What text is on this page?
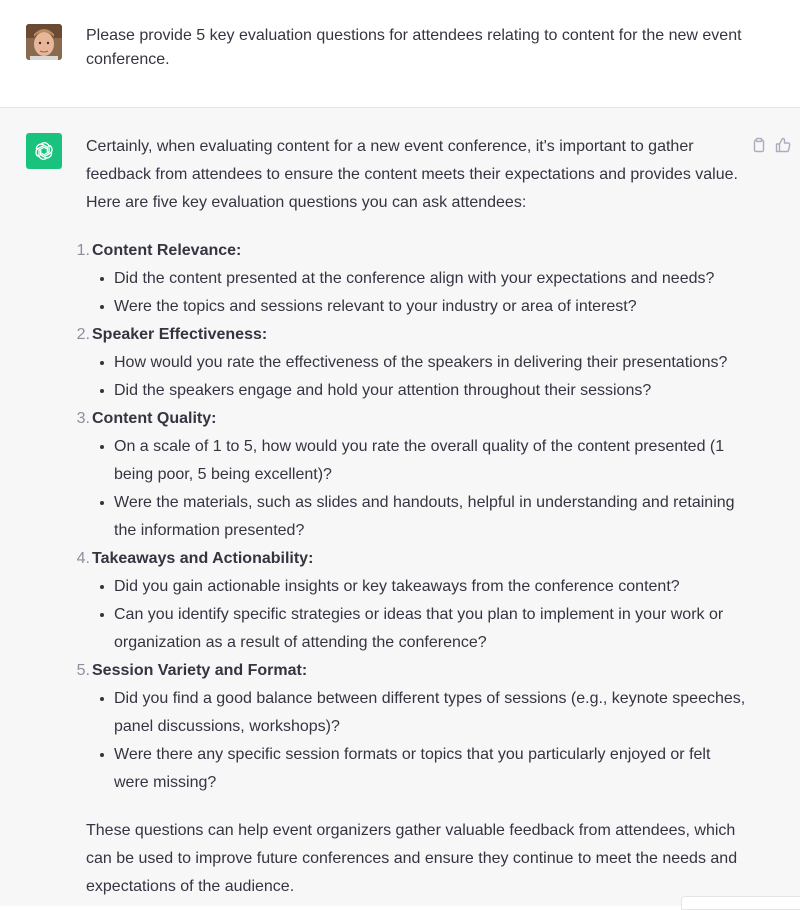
Please provide 5 key evaluation questions for attendees relating to content for the new event conference.

Certainly, when evaluating content for a new event conference, it's important to gather feedback from attendees to ensure the content meets their expectations and provides value. Here are five key evaluation questions you can ask attendees:

1. Content Relevance:
Did the content presented at the conference align with your expectations and needs?
Were the topics and sessions relevant to your industry or area of interest?
2. Speaker Effectiveness:
How would you rate the effectiveness of the speakers in delivering their presentations?
Did the speakers engage and hold your attention throughout their sessions?
3. Content Quality:
On a scale of 1 to 5, how would you rate the overall quality of the content presented (1 being poor, 5 being excellent)?
Were the materials, such as slides and handouts, helpful in understanding and retaining the information presented?
4. Takeaways and Actionability:
Did you gain actionable insights or key takeaways from the conference content?
Can you identify specific strategies or ideas that you plan to implement in your work or organization as a result of attending the conference?
5. Session Variety and Format:
Did you find a good balance between different types of sessions (e.g., keynote speeches, panel discussions, workshops)?
Were there any specific session formats or topics that you particularly enjoyed or felt were missing?

These questions can help event organizers gather valuable feedback from attendees, which can be used to improve future conferences and ensure they continue to meet the needs and expectations of the audience.
